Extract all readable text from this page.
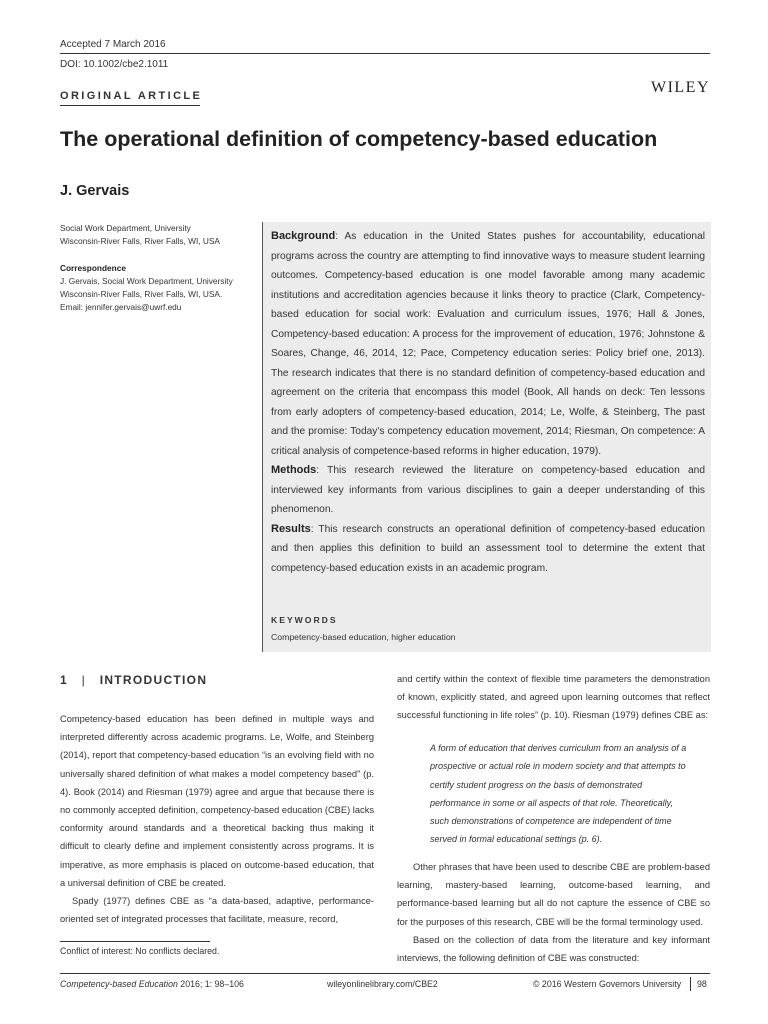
Accepted 7 March 2016
DOI: 10.1002/cbe2.1011
WILEY
ORIGINAL ARTICLE
The operational definition of competency-based education
J. Gervais
Social Work Department, University
Wisconsin-River Falls, River Falls, WI, USA
Correspondence
J. Gervais, Social Work Department, University
Wisconsin-River Falls, River Falls, WI, USA.
Email: jennifer.gervais@uwrf.edu
Background: As education in the United States pushes for accountability, educational programs across the country are attempting to find innovative ways to measure student learning outcomes. Competency-based education is one model favorable among many academic institutions and accreditation agencies because it links theory to practice (Clark, Competency-based education for social work: Evaluation and curriculum issues, 1976; Hall & Jones, Competency-based education: A process for the improvement of education, 1976; Johnstone & Soares, Change, 46, 2014, 12; Pace, Competency education series: Policy brief one, 2013). The research indicates that there is no standard definition of competency-based education and agreement on the criteria that encompass this model (Book, All hands on deck: Ten lessons from early adopters of competency-based education, 2014; Le, Wolfe, & Steinberg, The past and the promise: Today's competency education movement, 2014; Riesman, On competence: A critical analysis of competence-based reforms in higher education, 1979).
Methods: This research reviewed the literature on competency-based education and interviewed key informants from various disciplines to gain a deeper understanding of this phenomenon.
Results: This research constructs an operational definition of competency-based education and then applies this definition to build an assessment tool to determine the extent that competency-based education exists in an academic program.
KEYWORDS
Competency-based education, higher education
1 | INTRODUCTION
Competency-based education has been defined in multiple ways and interpreted differently across academic programs. Le, Wolfe, and Steinberg (2014), report that competency-based education “is an evolving field with no universally shared definition of what makes a model competency based” (p. 4). Book (2014) and Riesman (1979) agree and argue that because there is no commonly accepted definition, competency-based education (CBE) lacks conformity around standards and a theoretical backing thus making it difficult to clearly define and implement consistently across programs. It is imperative, as more emphasis is placed on outcome-based education, that a universal definition of CBE be created.
Spady (1977) defines CBE as “a data-based, adaptive, performance-oriented set of integrated processes that facilitate, measure, record,
and certify within the context of flexible time parameters the demonstration of known, explicitly stated, and agreed upon learning outcomes that reflect successful functioning in life roles” (p. 10). Riesman (1979) defines CBE as:
A form of education that derives curriculum from an analysis of a prospective or actual role in modern society and that attempts to certify student progress on the basis of demonstrated performance in some or all aspects of that role. Theoretically, such demonstrations of competence are independent of time served in formal educational settings (p. 6).
Other phrases that have been used to describe CBE are problem-based learning, mastery-based learning, outcome-based learning, and performance-based learning but all do not capture the essence of CBE so for the purposes of this research, CBE will be the formal terminology used.
Based on the collection of data from the literature and key informant interviews, the following definition of CBE was constructed:
Conflict of interest: No conflicts declared.
Competency-based Education 2016; 1: 98–106	wileyonlinelibrary.com/CBE2	© 2016 Western Governors University 98
